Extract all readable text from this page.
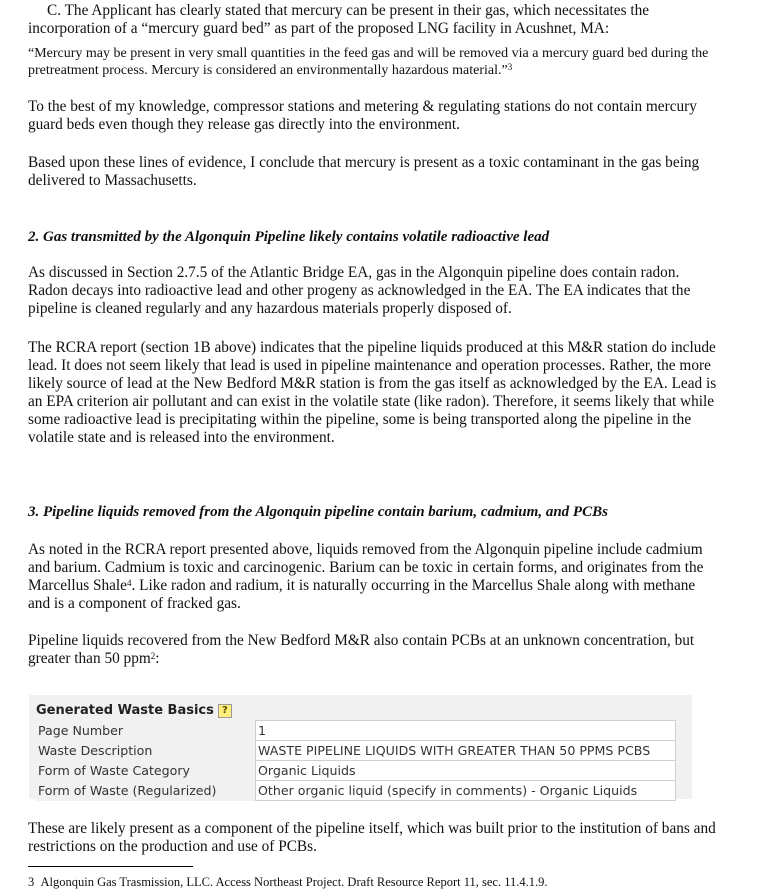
C. The Applicant has clearly stated that mercury can be present in their gas, which necessitates the incorporation of a “mercury guard bed” as part of the proposed LNG facility in Acushnet, MA:

“Mercury may be present in very small quantities in the feed gas and will be removed via a mercury guard bed during the pretreatment process. Mercury is considered an environmentally hazardous material.”$^3$

To the best of my knowledge, compressor stations and metering & regulating stations do not contain mercury guard beds even though they release gas directly into the environment.

Based upon these lines of evidence, I conclude that mercury is present as a toxic contaminant in the gas being delivered to Massachusetts.

2. Gas transmitted by the Algonquin Pipeline likely contains volatile radioactive lead

As discussed in Section 2.7.5 of the Atlantic Bridge EA, gas in the Algonquin pipeline does contain radon. Radon decays into radioactive lead and other progeny as acknowledged in the EA. The EA indicates that the pipeline is cleaned regularly and any hazardous materials properly disposed of.

The RCRA report (section 1B above) indicates that the pipeline liquids produced at this M&R station do include lead. It does not seem likely that lead is used in pipeline maintenance and operation processes. Rather, the more likely source of lead at the New Bedford M&R station is from the gas itself as acknowledged by the EA. Lead is an EPA criterion air pollutant and can exist in the volatile state (like radon). Therefore, it seems likely that while some radioactive lead is precipitating within the pipeline, some is being transported along the pipeline in the volatile state and is released into the environment.

3. Pipeline liquids removed from the Algonquin pipeline contain barium, cadmium, and PCBs

As noted in the RCRA report presented above, liquids removed from the Algonquin pipeline include cadmium and barium. Cadmium is toxic and carcinogenic. Barium can be toxic in certain forms, and originates from the Marcellus Shale$^4$. Like radon and radium, it is naturally occurring in the Marcellus Shale along with methane and is a component of fracked gas.

Pipeline liquids recovered from the New Bedford M&R also contain PCBs at an unknown concentration, but greater than 50 ppm$^2$:

Generated Waste Basics ?
Page Number	1
Waste Description	WASTE PIPELINE LIQUIDS WITH GREATER THAN 50 PPMS PCBS
Form of Waste Category	Organic Liquids
Form of Waste (Regularized)	Other organic liquid (specify in comments) - Organic Liquids

These are likely present as a component of the pipeline itself, which was built prior to the institution of bans and restrictions on the production and use of PCBs.

3 Algonquin Gas Trasmission, LLC. Access Northeast Project. Draft Resource Report 11, sec. 11.4.1.9.
